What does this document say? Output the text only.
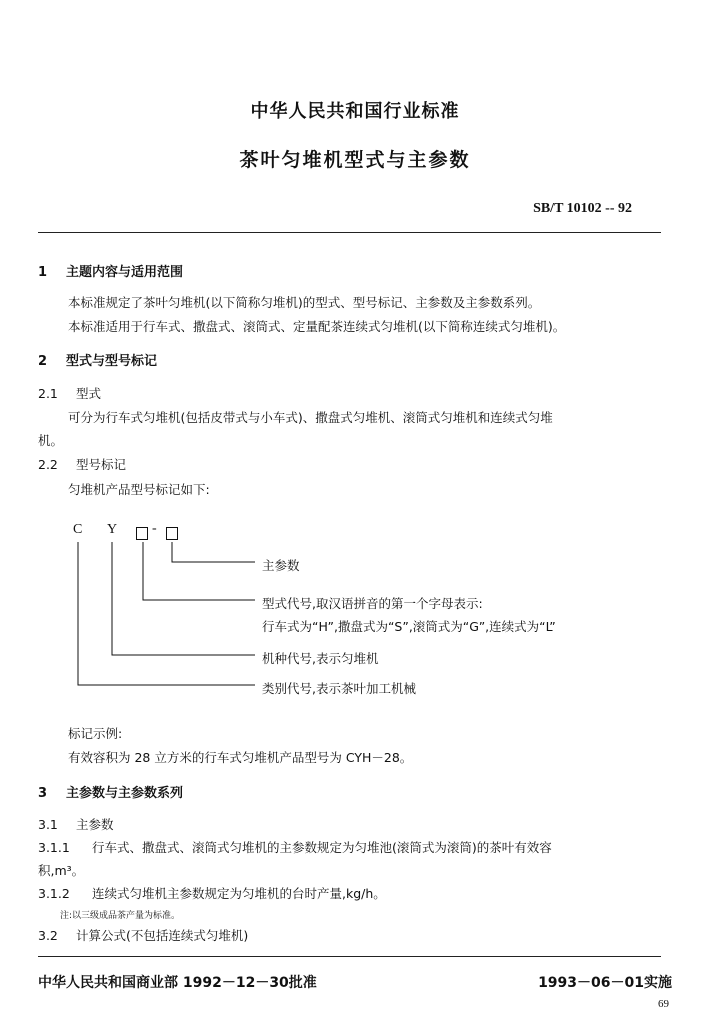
中华人民共和国行业标准
茶叶匀堆机型式与主参数
SB/T 10102 -- 92
1 主题内容与适用范围
本标准规定了茶叶匀堆机(以下简称匀堆机)的型式、型号标记、主参数及主参数系列。
本标准适用于行车式、撒盘式、滚筒式、定量配茶连续式匀堆机(以下简称连续式匀堆机)。
2 型式与型号标记
2.1 型式
可分为行车式匀堆机(包括皮带式与小车式)、撒盘式匀堆机、滚筒式匀堆机和连续式匀堆
机。
2.2 型号标记
匀堆机产品型号标记如下:
C Y -
主参数
型式代号,取汉语拼音的第一个字母表示:
行车式为“H”,撒盘式为“S”,滚筒式为“G”,连续式为“L”
机种代号,表示匀堆机
类别代号,表示茶叶加工机械
标记示例:
有效容积为 28 立方米的行车式匀堆机产品型号为 CYH－28。
3 主参数与主参数系列
3.1 主参数
3.1.1 行车式、撒盘式、滚筒式匀堆机的主参数规定为匀堆池(滚筒式为滚筒)的茶叶有效容
积,m³。
3.1.2 连续式匀堆机主参数规定为匀堆机的台时产量,kg/h。
注:以三级成品茶产量为标准。
3.2 计算公式(不包括连续式匀堆机)
中华人民共和国商业部 1992－12－30批准	1993－06－01实施
69
